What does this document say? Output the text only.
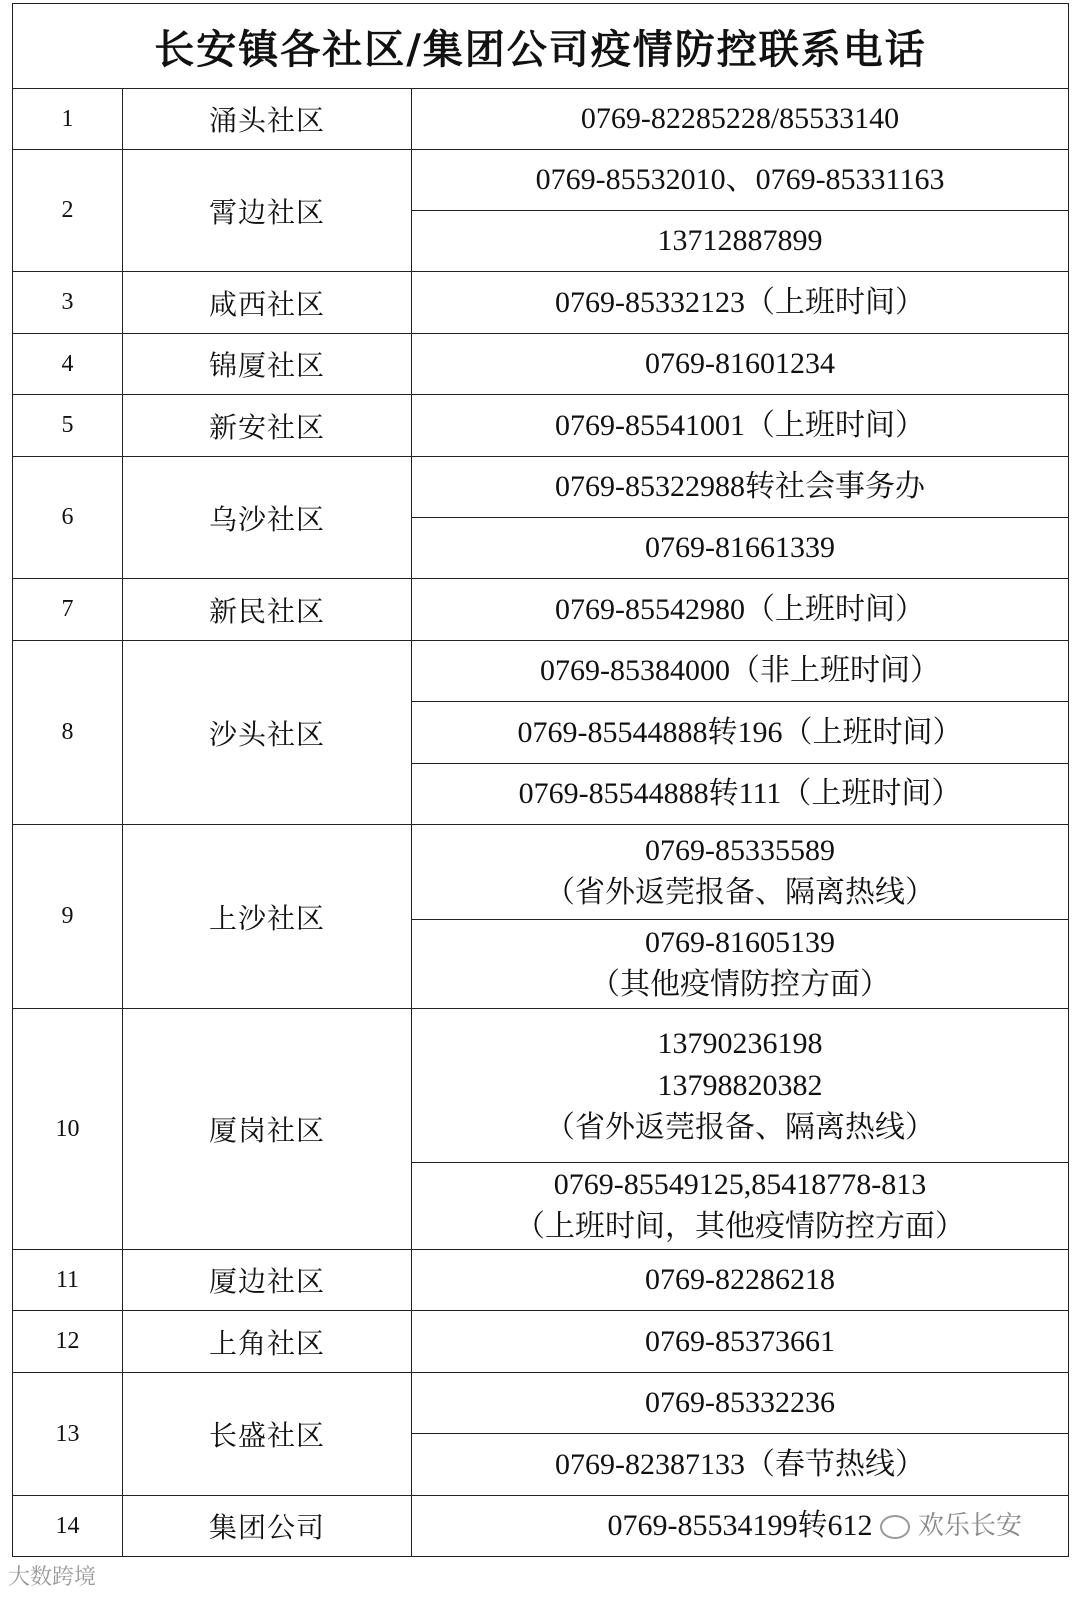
长安镇各社区/集团公司疫情防控联系电话		
1	涌头社区	0769-82285228/85533140
2	霄边社区	0769-85532010、0769-85331163
		13712887899
3	咸西社区	0769-85332123（上班时间）
4	锦厦社区	0769-81601234
5	新安社区	0769-85541001（上班时间）
6	乌沙社区	0769-85322988转社会事务办
		0769-81661339
7	新民社区	0769-85542980（上班时间）
8	沙头社区	0769-85384000（非上班时间）
		0769-85544888转196（上班时间）
		0769-85544888转111（上班时间）
9	上沙社区	0769-85335589
（省外返莞报备、隔离热线）
		0769-81605139
（其他疫情防控方面）
10	厦岗社区	13790236198
13798820382
（省外返莞报备、隔离热线）
		0769-85549125,85418778-813
（上班时间，其他疫情防控方面）
11	厦边社区	0769-82286218
12	上角社区	0769-85373661
13	长盛社区	0769-85332236
		0769-82387133（春节热线）
14	集团公司	0769-85534199转612	欢乐长安
大数跨境
